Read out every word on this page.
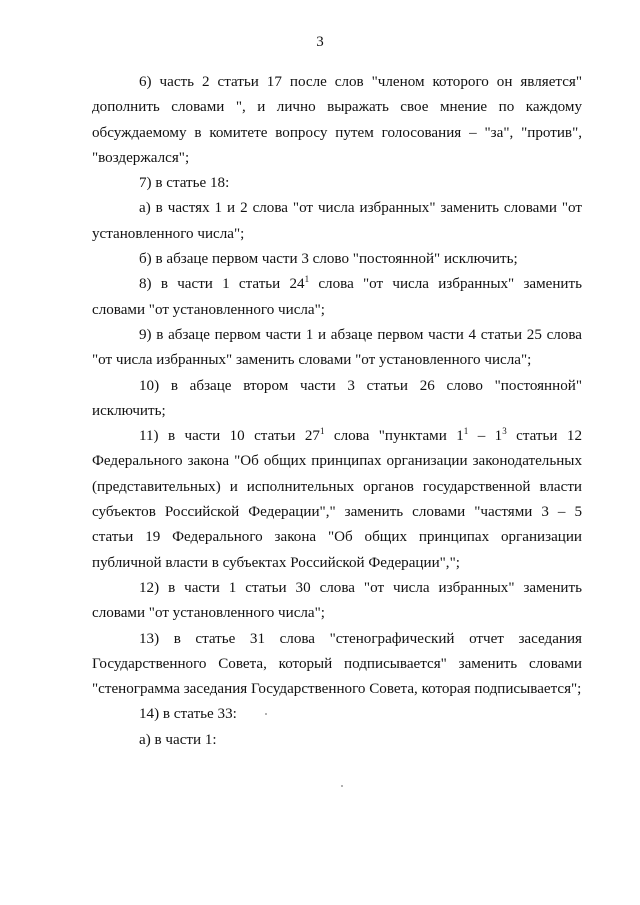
3

6) часть 2 статьи 17 после слов "членом которого он является" дополнить словами ", и лично выражать свое мнение по каждому обсуждаемому в комитете вопросу путем голосования – "за", "против", "воздержался";

7) в статье 18:

а) в частях 1 и 2 слова "от числа избранных" заменить словами "от установленного числа";

б) в абзаце первом части 3 слово "постоянной" исключить;

8) в части 1 статьи $24^1$ слова "от числа избранных" заменить словами "от установленного числа";

9) в абзаце первом части 1 и абзаце первом части 4 статьи 25 слова "от числа избранных" заменить словами "от установленного числа";

10) в абзаце втором части 3 статьи 26 слово "постоянной" исключить;

11) в части 10 статьи $27^1$ слова "пунктами $1^1 - 1^3$ статьи 12 Федерального закона "Об общих принципах организации законодательных (представительных) и исполнительных органов государственной власти субъектов Российской Федерации"," заменить словами "частями 3 – 5 статьи 19 Федерального закона "Об общих принципах организации публичной власти в субъектах Российской Федерации",";

12) в части 1 статьи 30 слова "от числа избранных" заменить словами "от установленного числа";

13) в статье 31 слова "стенографический отчет заседания Государственного Совета, который подписывается" заменить словами "стенограмма заседания Государственного Совета, которая подписывается";

14) в статье 33:

а) в части 1:
